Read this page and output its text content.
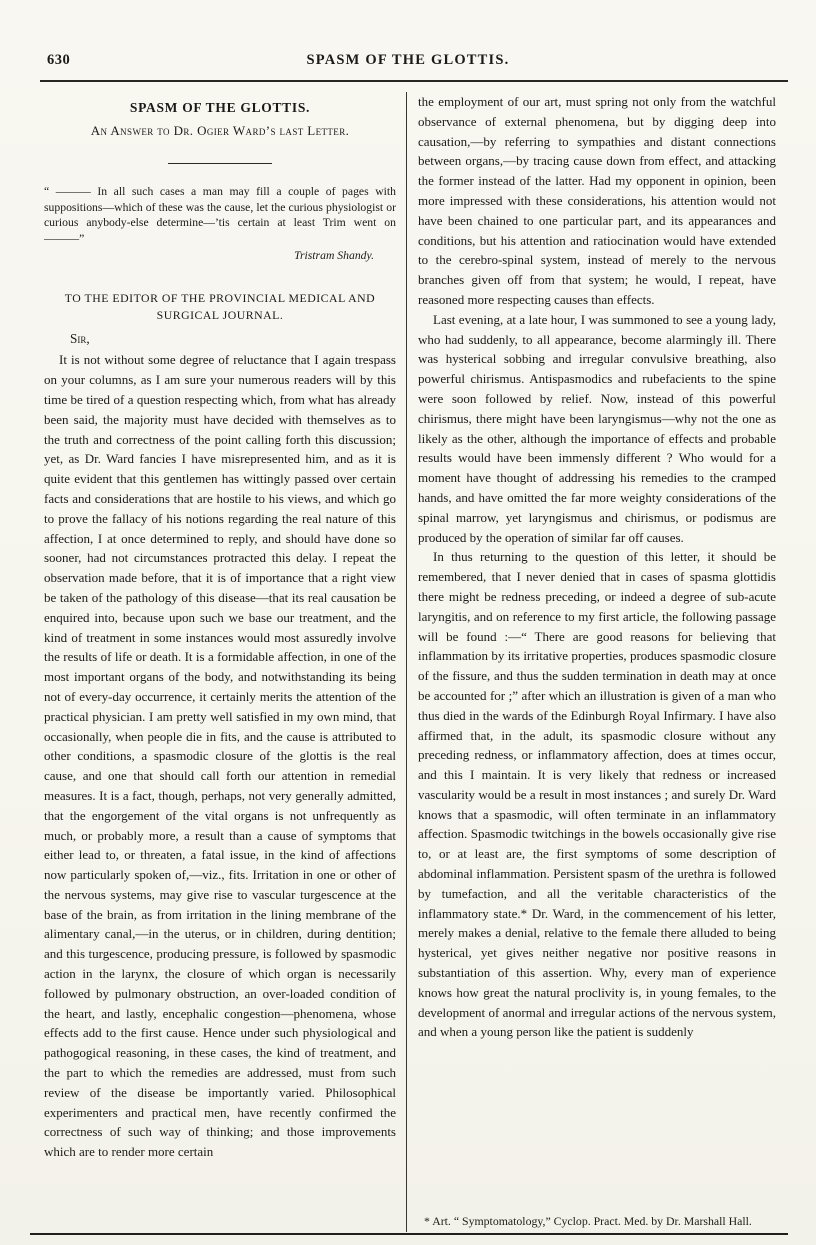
630	SPASM OF THE GLOTTIS.
SPASM OF THE GLOTTIS.
An Answer to Dr. Ogier Ward’s last Letter.
“ ——— In all such cases a man may fill a couple of pages with suppositions—which of these was the cause, let the curious physiologist or curious anybody-else determine—’tis certain at least Trim went on———”
Tristram Shandy.
TO THE EDITOR OF THE PROVINCIAL MEDICAL AND
SURGICAL JOURNAL.
Sir,

It is not without some degree of reluctance that I again trespass on your columns, as I am sure your numerous readers will by this time be tired of a question respecting which, from what has already been said, the majority must have decided with themselves as to the truth and correctness of the point calling forth this discussion; yet, as Dr. Ward fancies I have misrepresented him, and as it is quite evident that this gentlemen has wittingly passed over certain facts and considerations that are hostile to his views, and which go to prove the fallacy of his notions regarding the real nature of this affection, I at once determined to reply, and should have done so sooner, had not circumstances protracted this delay. I repeat the observation made before, that it is of importance that a right view be taken of the pathology of this disease—that its real causation be enquired into, because upon such we base our treatment, and the kind of treatment in some instances would most assuredly involve the results of life or death. It is a formidable affection, in one of the most important organs of the body, and notwithstanding its being not of every-day occurrence, it certainly merits the attention of the practical physician. I am pretty well satisfied in my own mind, that occasionally, when people die in fits, and the cause is attributed to other conditions, a spasmodic closure of the glottis is the real cause, and one that should call forth our attention in remedial measures. It is a fact, though, perhaps, not very generally admitted, that the engorgement of the vital organs is not unfrequently as much, or probably more, a result than a cause of symptoms that either lead to, or threaten, a fatal issue, in the kind of affections now particularly spoken of,—viz., fits. Irritation in one or other of the nervous systems, may give rise to vascular turgescence at the base of the brain, as from irritation in the lining membrane of the alimentary canal,—in the uterus, or in children, during dentition; and this turgescence, producing pressure, is followed by spasmodic action in the larynx, the closure of which organ is necessarily followed by pulmonary obstruction, an over-loaded condition of the heart, and lastly, encephalic congestion—phenomena, whose effects add to the first cause. Hence under such physiological and pathogogical reasoning, in these cases, the kind of treatment, and the part to which the remedies are addressed, must from such review of the disease be importantly varied. Philosophical experimenters and practical men, have recently confirmed the correctness of such way of thinking; and those improvements which are to render more certain

the employment of our art, must spring not only from the watchful observance of external phenomena, but by digging deep into causation,—by referring to sympathies and distant connections between organs,—by tracing cause down from effect, and attacking the former instead of the latter. Had my opponent in opinion, been more impressed with these considerations, his attention would not have been chained to one particular part, and its appearances and conditions, but his attention and ratiocination would have extended to the cerebro-spinal system, instead of merely to the nervous branches given off from that system; he would, I repeat, have reasoned more respecting causes than effects.

Last evening, at a late hour, I was summoned to see a young lady, who had suddenly, to all appearance, become alarmingly ill. There was hysterical sobbing and irregular convulsive breathing, also powerful chirismus. Antispasmodics and rubefacients to the spine were soon followed by relief. Now, instead of this powerful chirismus, there might have been laryngismus—why not the one as likely as the other, although the importance of effects and probable results would have been immensly different ? Who would for a moment have thought of addressing his remedies to the cramped hands, and have omitted the far more weighty considerations of the spinal marrow, yet laryngismus and chirismus, or podismus are produced by the operation of similar far off causes.

In thus returning to the question of this letter, it should be remembered, that I never denied that in cases of spasma glottidis there might be redness preceding, or indeed a degree of sub-acute laryngitis, and on reference to my first article, the following passage will be found :—“ There are good reasons for believing that inflammation by its irritative properties, produces spasmodic closure of the fissure, and thus the sudden termination in death may at once be accounted for ;” after which an illustration is given of a man who thus died in the wards of the Edinburgh Royal Infirmary. I have also affirmed that, in the adult, its spasmodic closure without any preceding redness, or inflammatory affection, does at times occur, and this I maintain. It is very likely that redness or increased vascularity would be a result in most instances ; and surely Dr. Ward knows that a spasmodic, will often terminate in an inflammatory affection. Spasmodic twitchings in the bowels occasionally give rise to, or at least are, the first symptoms of some description of abdominal inflammation. Persistent spasm of the urethra is followed by tumefaction, and all the veritable characteristics of the inflammatory state.* Dr. Ward, in the commencement of his letter, merely makes a denial, relative to the female there alluded to being hysterical, yet gives neither negative nor positive reasons in substantiation of this assertion. Why, every man of experience knows how great the natural proclivity is, in young females, to the development of anormal and irregular actions of the nervous system, and when a young person like the patient is suddenly

* Art. “ Symptomatology,” Cyclop. Pract. Med. by Dr. Marshall Hall.
